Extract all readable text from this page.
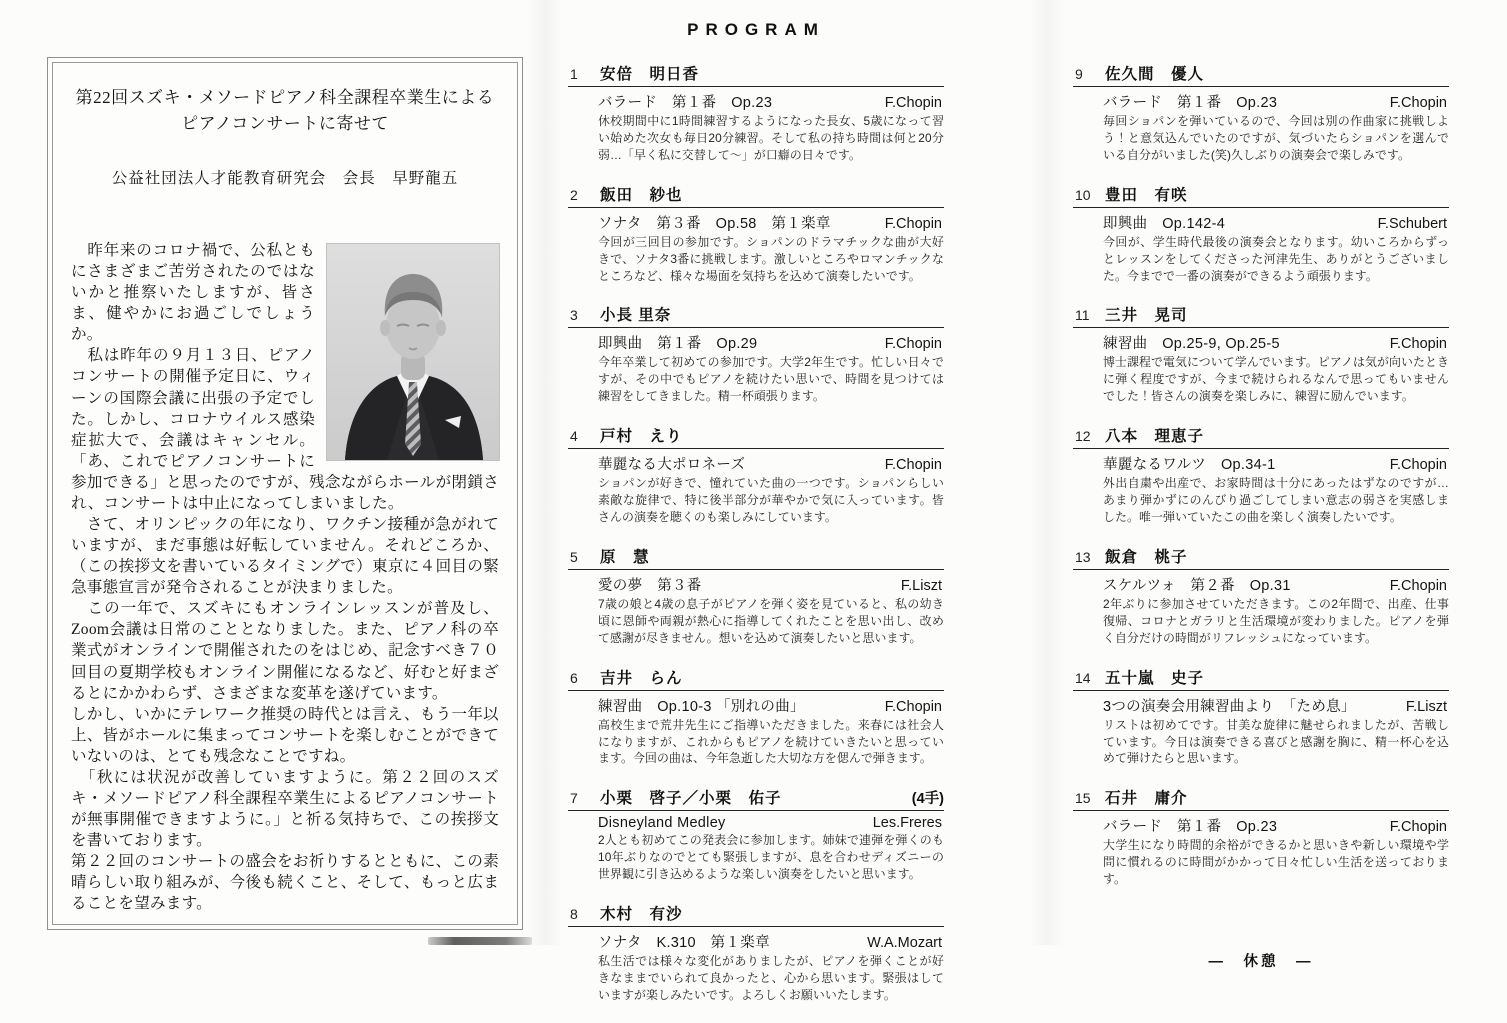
第22回スズキ・メソードピアノ科全課程卒業生による
ピアノコンサートに寄せて
公益社団法人才能教育研究会　会長　早野龍五

　昨年来のコロナ禍で、公私ともにさまざまご苦労されたのではないかと推察いたしますが、皆さま、健やかにお過ごしでしょうか。

　私は昨年の９月１３日、ピアノコンサートの開催予定日に、ウィーンの国際会議に出張の予定でした。しかし、コロナウイルス感染症拡大で、会議はキャンセル。「あ、これでピアノコンサートに参加できる」と思ったのですが、残念ながらホールが閉鎖され、コンサートは中止になってしまいました。

　さて、オリンピックの年になり、ワクチン接種が急がれていますが、まだ事態は好転していません。それどころか、（この挨拶文を書いているタイミングで）東京に４回目の緊急事態宣言が発令されることが決まりました。

　この一年で、スズキにもオンラインレッスンが普及し、Zoom会議は日常のこととなりました。また、ピアノ科の卒業式がオンラインで開催されたのをはじめ、記念すべき７０回目の夏期学校もオンライン開催になるなど、好むと好まざるとにかかわらず、さまざまな変革を遂げています。

しかし、いかにテレワーク推奨の時代とは言え、もう一年以上、皆がホールに集まってコンサートを楽しむことができていないのは、とても残念なことですね。

　「秋には状況が改善していますように。第２２回のスズキ・メソードピアノ科全課程卒業生によるピアノコンサートが無事開催できますように。」と祈る気持ちで、この挨拶文を書いております。

第２２回のコンサートの盛会をお祈りするとともに、この素晴らしい取り組みが、今後も続くこと、そして、もっと広まることを望みます。

PROGRAM
1	安倍　明日香
バラード　第１番　Op.23	F.Chopin
休校期間中に1時間練習するようになった長女、5歳になって習い始めた次女も毎日20分練習。そして私の持ち時間は何と20分弱…「早く私に交替して～」が口癖の日々です。
2	飯田　紗也
ソナタ　第３番　Op.58　第１楽章	F.Chopin
今回が三回目の参加です。ショパンのドラマチックな曲が大好きで、ソナタ3番に挑戦します。激しいところやロマンチックなところなど、様々な場面を気持ちを込めて演奏したいです。
3	小長 里奈
即興曲　第１番　Op.29	F.Chopin
今年卒業して初めての参加です。大学2年生です。忙しい日々ですが、その中でもピアノを続けたい思いで、時間を見つけては練習をしてきました。精一杯頑張ります。
4	戸村　えり
華麗なる大ポロネーズ	F.Chopin
ショパンが好きで、憧れていた曲の一つです。ショパンらしい素敵な旋律で、特に後半部分が華やかで気に入っています。皆さんの演奏を聴くのも楽しみにしています。
5	原　慧
愛の夢　第３番	F.Liszt
7歳の娘と4歳の息子がピアノを弾く姿を見ていると、私の幼き頃に恩師や両親が熱心に指導してくれたことを思い出し、改めて感謝が尽きません。想いを込めて演奏したいと思います。
6	吉井　らん
練習曲　Op.10-3 「別れの曲」	F.Chopin
高校生まで荒井先生にご指導いただきました。来春には社会人になりますが、これからもピアノを続けていきたいと思っています。今回の曲は、今年急逝した大切な方を偲んで弾きます。
7	小栗　啓子／小栗　佑子	(4手)
Disneyland Medley	Les.Freres
2人とも初めてこの発表会に参加します。姉妹で連弾を弾くのも10年ぶりなのでとても緊張しますが、息を合わせディズニーの世界観に引き込めるような楽しい演奏をしたいと思います。
8	木村　有沙
ソナタ　K.310　第１楽章	W.A.Mozart
私生活では様々な変化がありましたが、ピアノを弾くことが好きなままでいられて良かったと、心から思います。緊張はしていますが楽しみたいです。よろしくお願いいたします。
9	佐久間　優人
バラード　第１番　Op.23	F.Chopin
毎回ショパンを弾いているので、今回は別の作曲家に挑戦しよう！と意気込んでいたのですが、気づいたらショパンを選んでいる自分がいました(笑)久しぶりの演奏会で楽しみです。
10 豊田　有咲
即興曲　Op.142-4	F.Schubert
今回が、学生時代最後の演奏会となります。幼いころからずっとレッスンをしてくださった河津先生、ありがとうございました。今までで一番の演奏ができるよう頑張ります。
11 三井　晃司
練習曲　Op.25-9, Op.25-5	F.Chopin
博士課程で電気について学んでいます。ピアノは気が向いたときに弾く程度ですが、今まで続けられるなんで思ってもいませんでした！皆さんの演奏を楽しみに、練習に励んでいます。
12 八本　理恵子
華麗なるワルツ　Op.34-1	F.Chopin
外出自粛や出産で、お家時間は十分にあったはずなのですが…あまり弾かずにのんびり過ごしてしまい意志の弱さを実感しました。唯一弾いていたこの曲を楽しく演奏したいです。
13 飯倉　桃子
スケルツォ　第２番　Op.31	F.Chopin
2年ぶりに参加させていただきます。この2年間で、出産、仕事復帰、コロナとガラリと生活環境が変わりました。ピアノを弾く自分だけの時間がリフレッシュになっています。
14 五十嵐　史子
3つの演奏会用練習曲より　「ため息」	F.Liszt
リストは初めてです。甘美な旋律に魅せられましたが、苦戦しています。今日は演奏できる喜びと感謝を胸に、精一杯心を込めて弾けたらと思います。
15 石井　庸介
バラード　第１番　Op.23	F.Chopin
大学生になり時間的余裕ができるかと思いきや新しい環境や学問に慣れるのに時間がかかって日々忙しい生活を送っております。
―　休憩　―
